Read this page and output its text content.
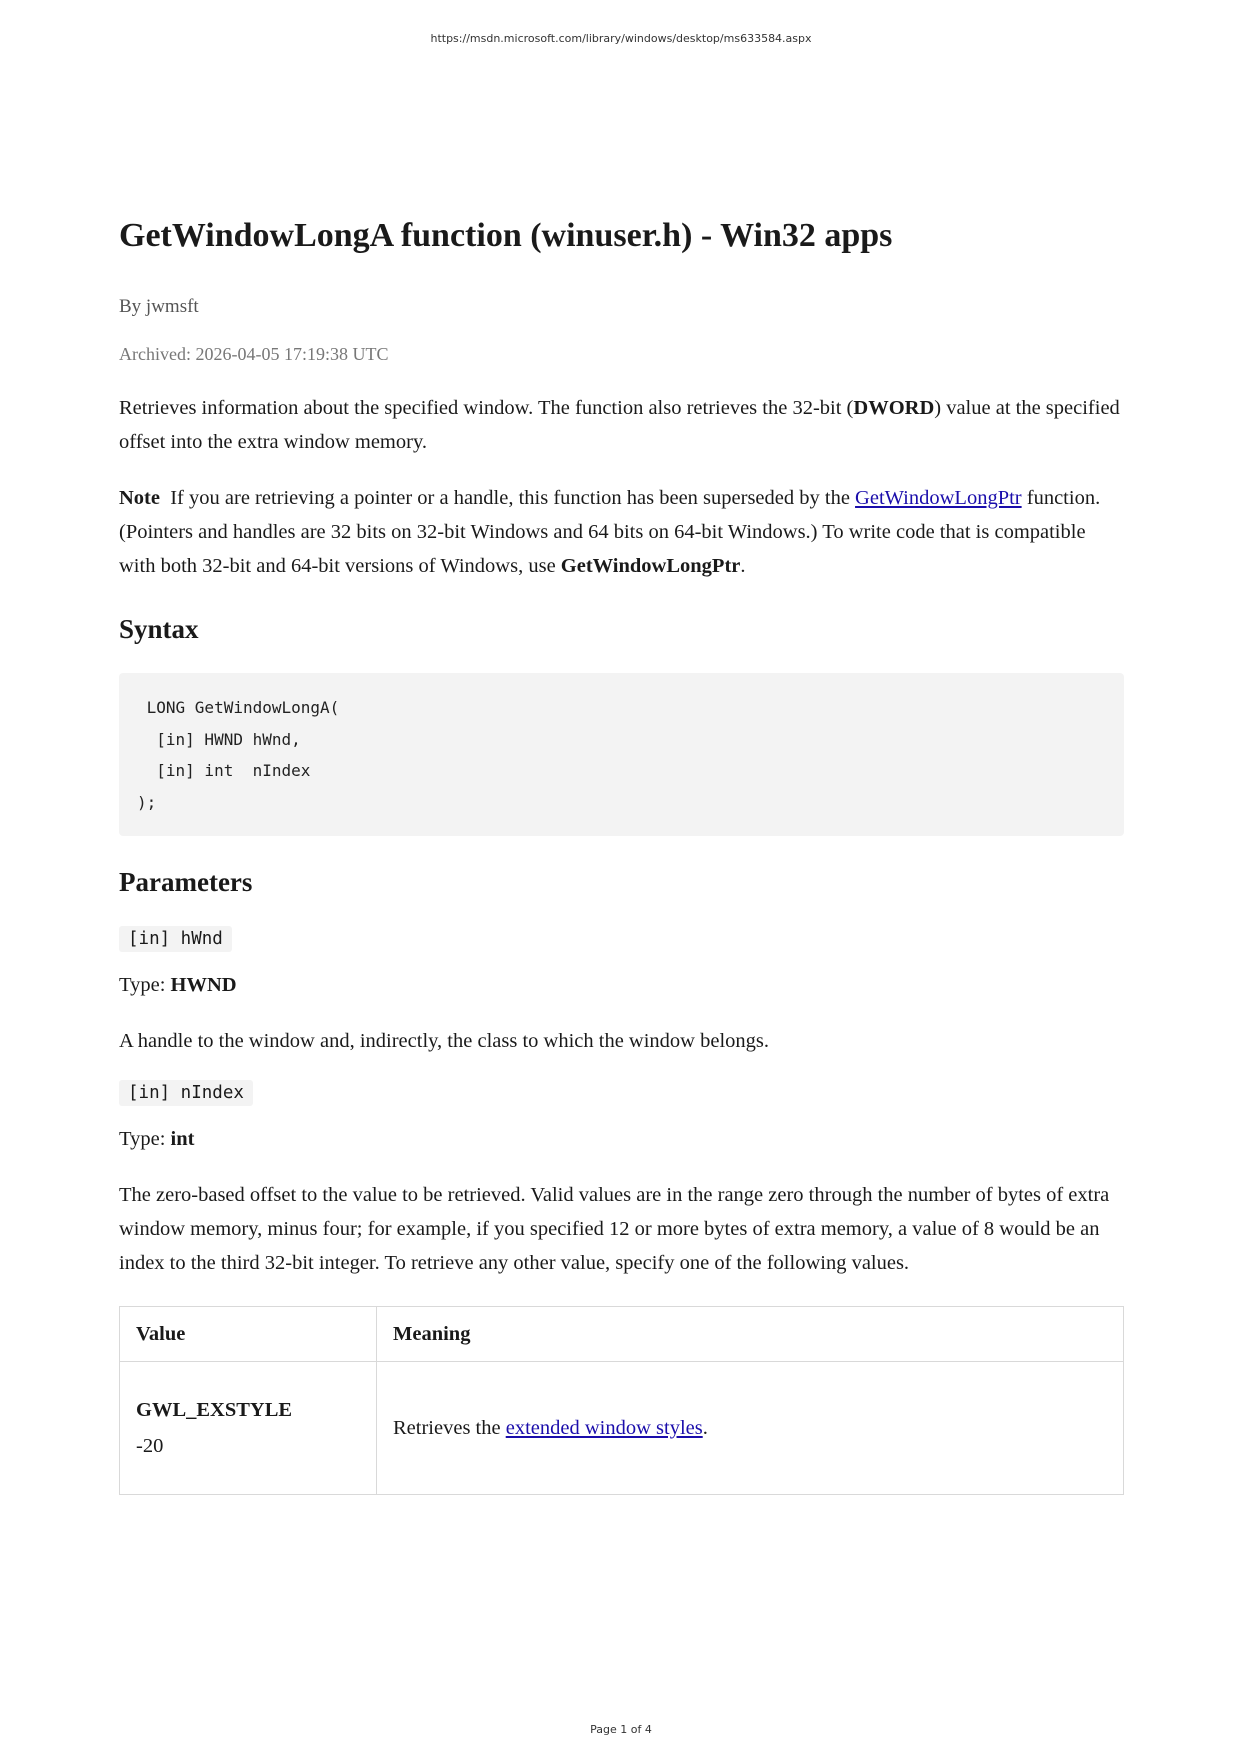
https://msdn.microsoft.com/library/windows/desktop/ms633584.aspx
GetWindowLongA function (winuser.h) - Win32 apps
By jwmsft
Archived: 2026-04-05 17:19:38 UTC

Retrieves information about the specified window. The function also retrieves the 32-bit (DWORD) value at the specified offset into the extra window memory.

Note If you are retrieving a pointer or a handle, this function has been superseded by the GetWindowLongPtr function. (Pointers and handles are 32 bits on 32-bit Windows and 64 bits on 64-bit Windows.) To write code that is compatible with both 32-bit and 64-bit versions of Windows, use GetWindowLongPtr.

Syntax
LONG GetWindowLongA(
[in] HWND hWnd,
[in] int  nIndex
);
Parameters
[in] hWnd

Type: HWND

A handle to the window and, indirectly, the class to which the window belongs.

[in] nIndex

Type: int

The zero-based offset to the value to be retrieved. Valid values are in the range zero through the number of bytes of extra window memory, minus four; for example, if you specified 12 or more bytes of extra memory, a value of 8 would be an index to the third 32-bit integer. To retrieve any other value, specify one of the following values.

Value	Meaning
GWL_EXSTYLE
-20	Retrieves the extended window styles.
Page 1 of 4
